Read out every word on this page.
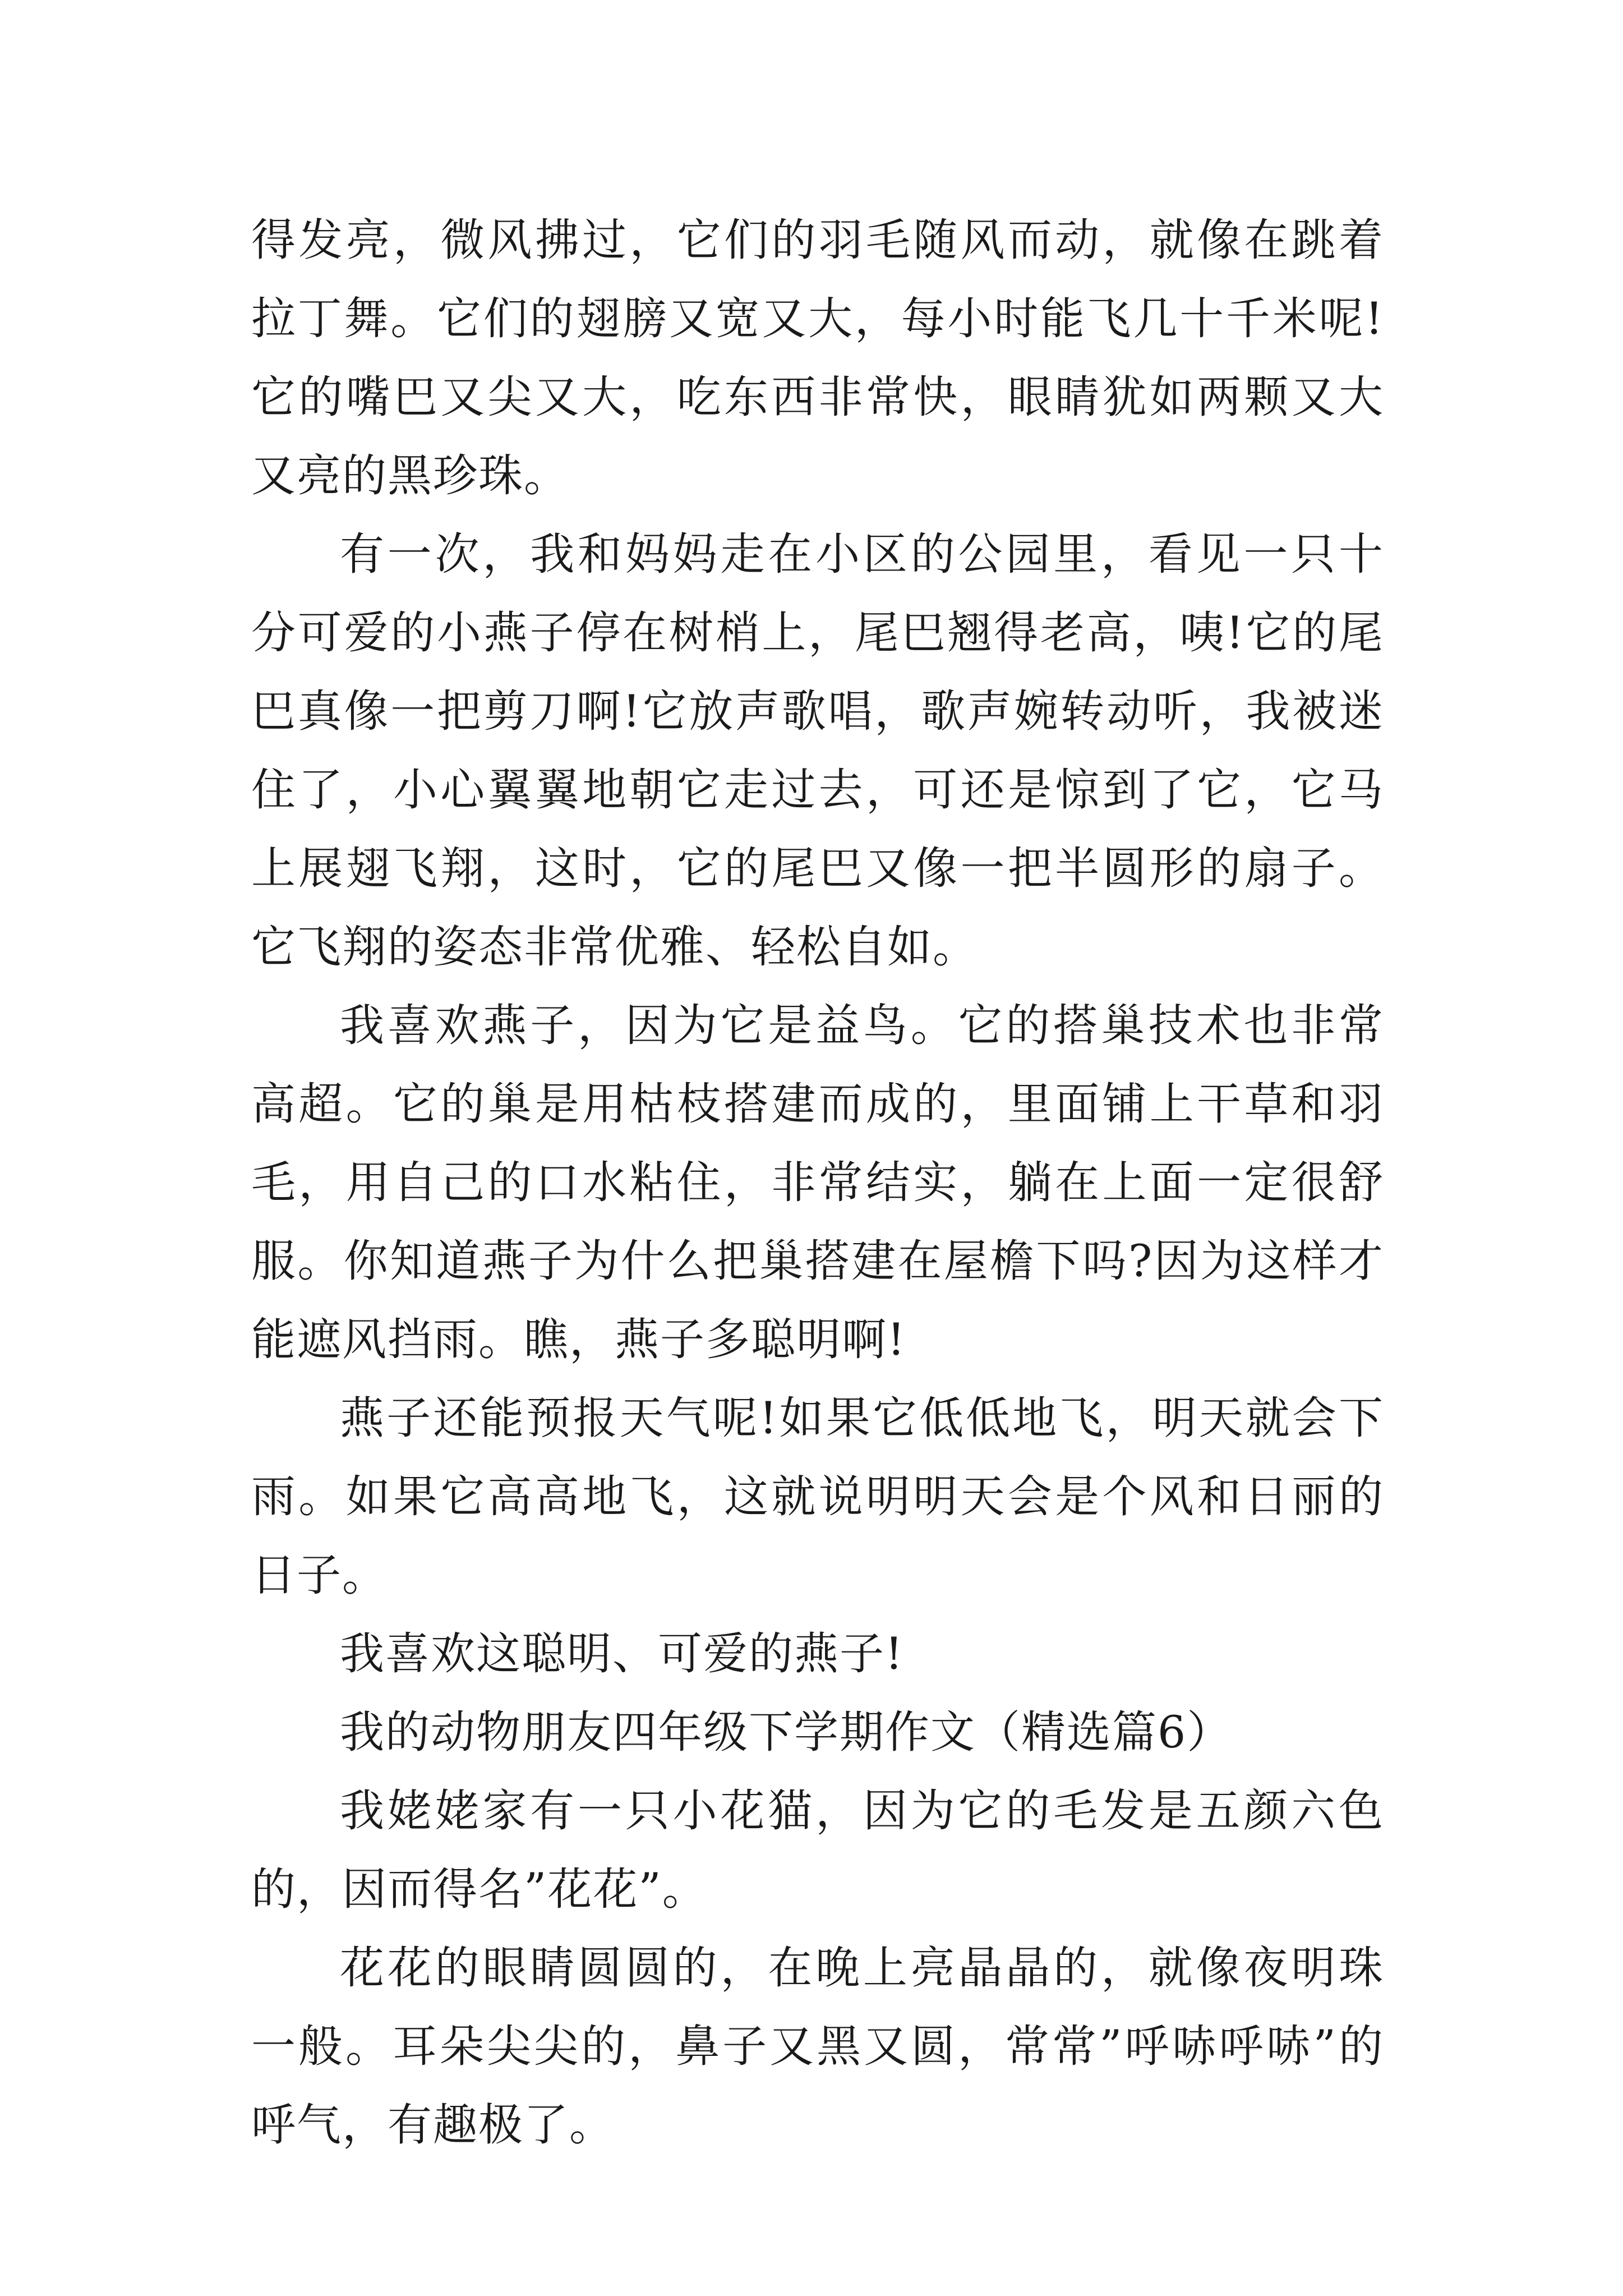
得发亮，微风拂过，它们的羽毛随风而动，就像在跳着拉丁舞。它们的翅膀又宽又大，每小时能飞几十千米呢!它的嘴巴又尖又大，吃东西非常快，眼睛犹如两颗又大又亮的黑珍珠。

有一次，我和妈妈走在小区的公园里，看见一只十分可爱的小燕子停在树梢上，尾巴翘得老高，咦!它的尾巴真像一把剪刀啊!它放声歌唱，歌声婉转动听，我被迷住了，小心翼翼地朝它走过去，可还是惊到了它，它马上展翅飞翔，这时，它的尾巴又像一把半圆形的扇子。它飞翔的姿态非常优雅、轻松自如。

我喜欢燕子，因为它是益鸟。它的搭巢技术也非常高超。它的巢是用枯枝搭建而成的，里面铺上干草和羽毛，用自己的口水粘住，非常结实，躺在上面一定很舒服。你知道燕子为什么把巢搭建在屋檐下吗?因为这样才能遮风挡雨。瞧，燕子多聪明啊!

燕子还能预报天气呢!如果它低低地飞，明天就会下雨。如果它高高地飞，这就说明明天会是个风和日丽的日子。

我喜欢这聪明、可爱的燕子!

我的动物朋友四年级下学期作文（精选篇6）

我姥姥家有一只小花猫，因为它的毛发是五颜六色的，因而得名”花花”。

花花的眼睛圆圆的，在晚上亮晶晶的，就像夜明珠一般。耳朵尖尖的，鼻子又黑又圆，常常”呼哧呼哧”的呼气，有趣极了。
